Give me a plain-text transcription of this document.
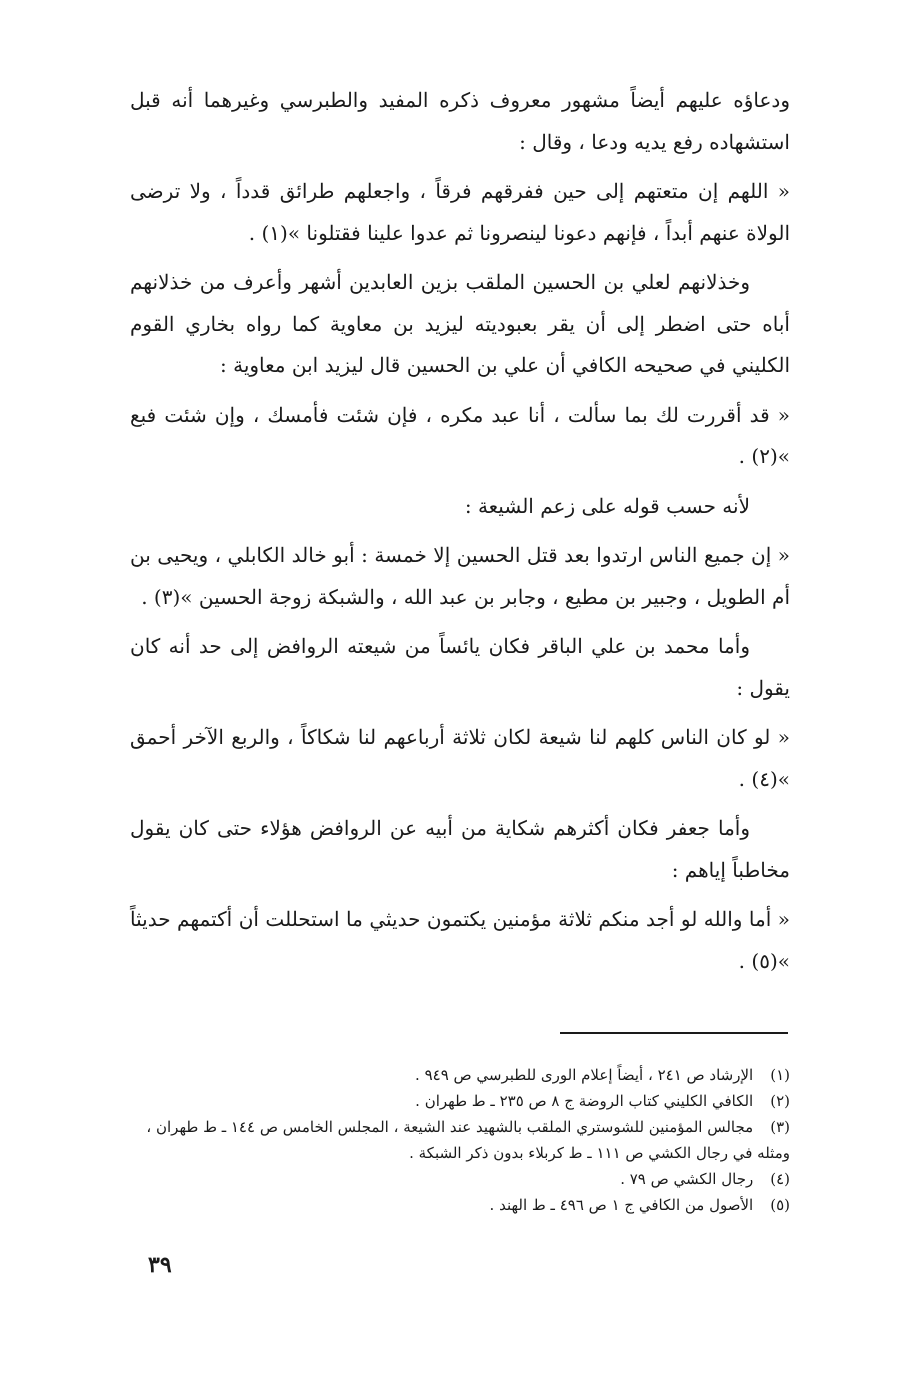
ودعاؤه عليهم أيضاً مشهور معروف ذكره المفيد والطبرسي وغيرهما أنه قبل استشهاده رفع يديه ودعا ، وقال :

« اللهم إن متعتهم إلى حين ففرقهم فرقاً ، واجعلهم طرائق قدداً ، ولا ترضى الولاة عنهم أبداً ، فإنهم دعونا لينصرونا ثم عدوا علينا فقتلونا »(١) .

وخذلانهم لعلي بن الحسين الملقب بزين العابدين أشهر وأعرف من خذلانهم أباه حتى اضطر إلى أن يقر بعبوديته ليزيد بن معاوية كما رواه بخاري القوم الكليني في صحيحه الكافي أن علي بن الحسين قال ليزيد ابن معاوية :

« قد أقررت لك بما سألت ، أنا عبد مكره ، فإن شئت فأمسك ، وإن شئت فبع »(٢) .

لأنه حسب قوله على زعم الشيعة :

« إن جميع الناس ارتدوا بعد قتل الحسين إلا خمسة : أبو خالد الكابلي ، ويحيى بن أم الطويل ، وجبير بن مطيع ، وجابر بن عبد الله ، والشبكة زوجة الحسين »(٣) .

وأما محمد بن علي الباقر فكان يائساً من شيعته الروافض إلى حد أنه كان يقول :

« لو كان الناس كلهم لنا شيعة لكان ثلاثة أرباعهم لنا شكاكاً ، والربع الآخر أحمق »(٤) .

وأما جعفر فكان أكثرهم شكاية من أبيه عن الروافض هؤلاء حتى كان يقول مخاطباً إياهم :

« أما والله لو أجد منكم ثلاثة مؤمنين يكتمون حديثي ما استحللت أن أكتمهم حديثاً »(٥) .

(١) الإرشاد ص ٢٤١ ، أيضاً إعلام الورى للطبرسي ص ٩٤٩ .

(٢) الكافي الكليني كتاب الروضة ج ٨ ص ٢٣٥ ـ ط طهران .

(٣) مجالس المؤمنين للشوستري الملقب بالشهيد عند الشيعة ، المجلس الخامس ص ١٤٤ ـ ط طهران ، ومثله في رجال الكشي ص ١١١ ـ ط كربلاء بدون ذكر الشبكة .

(٤) رجال الكشي ص ٧٩ .

(٥) الأصول من الكافي ج ١ ص ٤٩٦ ـ ط الهند .

٣٩
